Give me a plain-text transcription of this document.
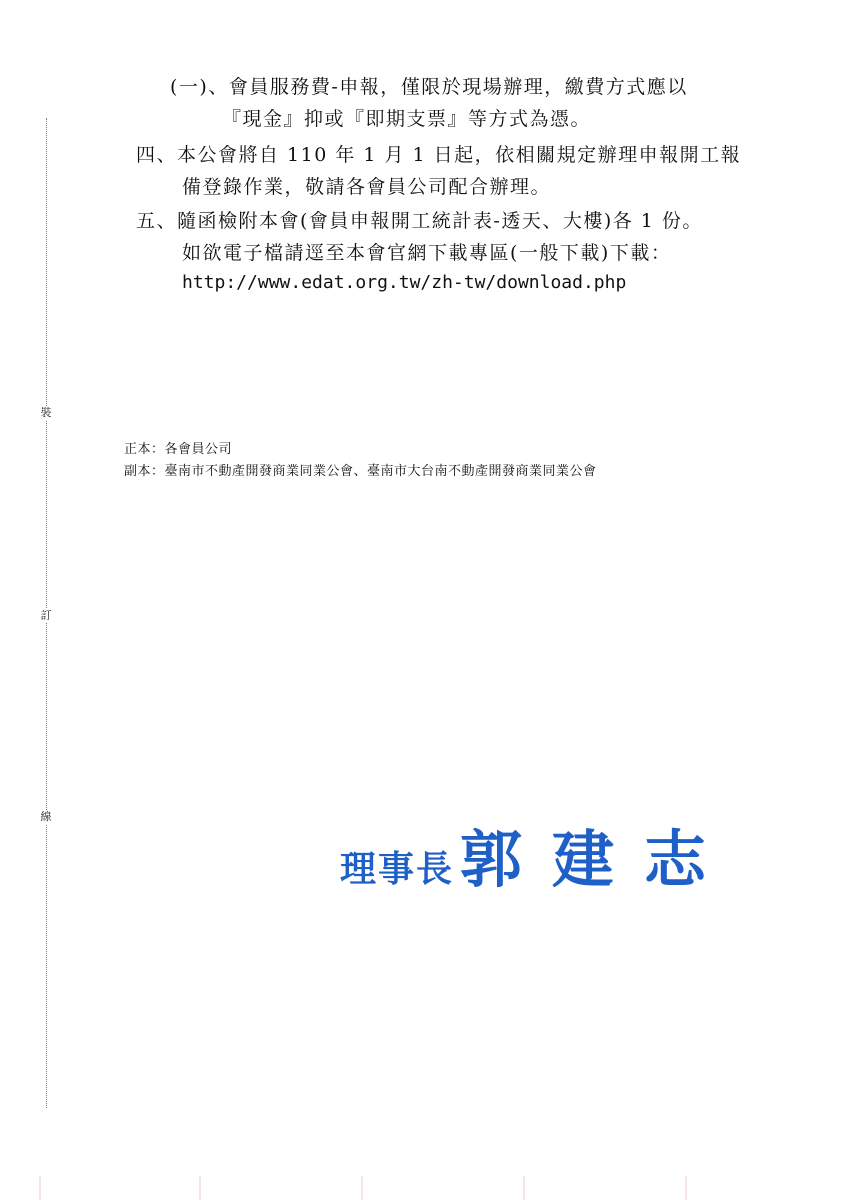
裝
訂
線
(一)、會員服務費-申報，僅限於現場辦理，繳費方式應以
『現金』抑或『即期支票』等方式為憑。
四、本公會將自 110 年 1 月 1 日起，依相關規定辦理申報開工報
備登錄作業，敬請各會員公司配合辦理。
五、隨函檢附本會(會員申報開工統計表-透天、大樓)各 1 份。
如欲電子檔請逕至本會官網下載專區(一般下載)下載：
http://www.edat.org.tw/zh-tw/download.php
正本：各會員公司
副本：臺南市不動產開發商業同業公會、臺南市大台南不動產開發商業同業公會
理事長郭建志
